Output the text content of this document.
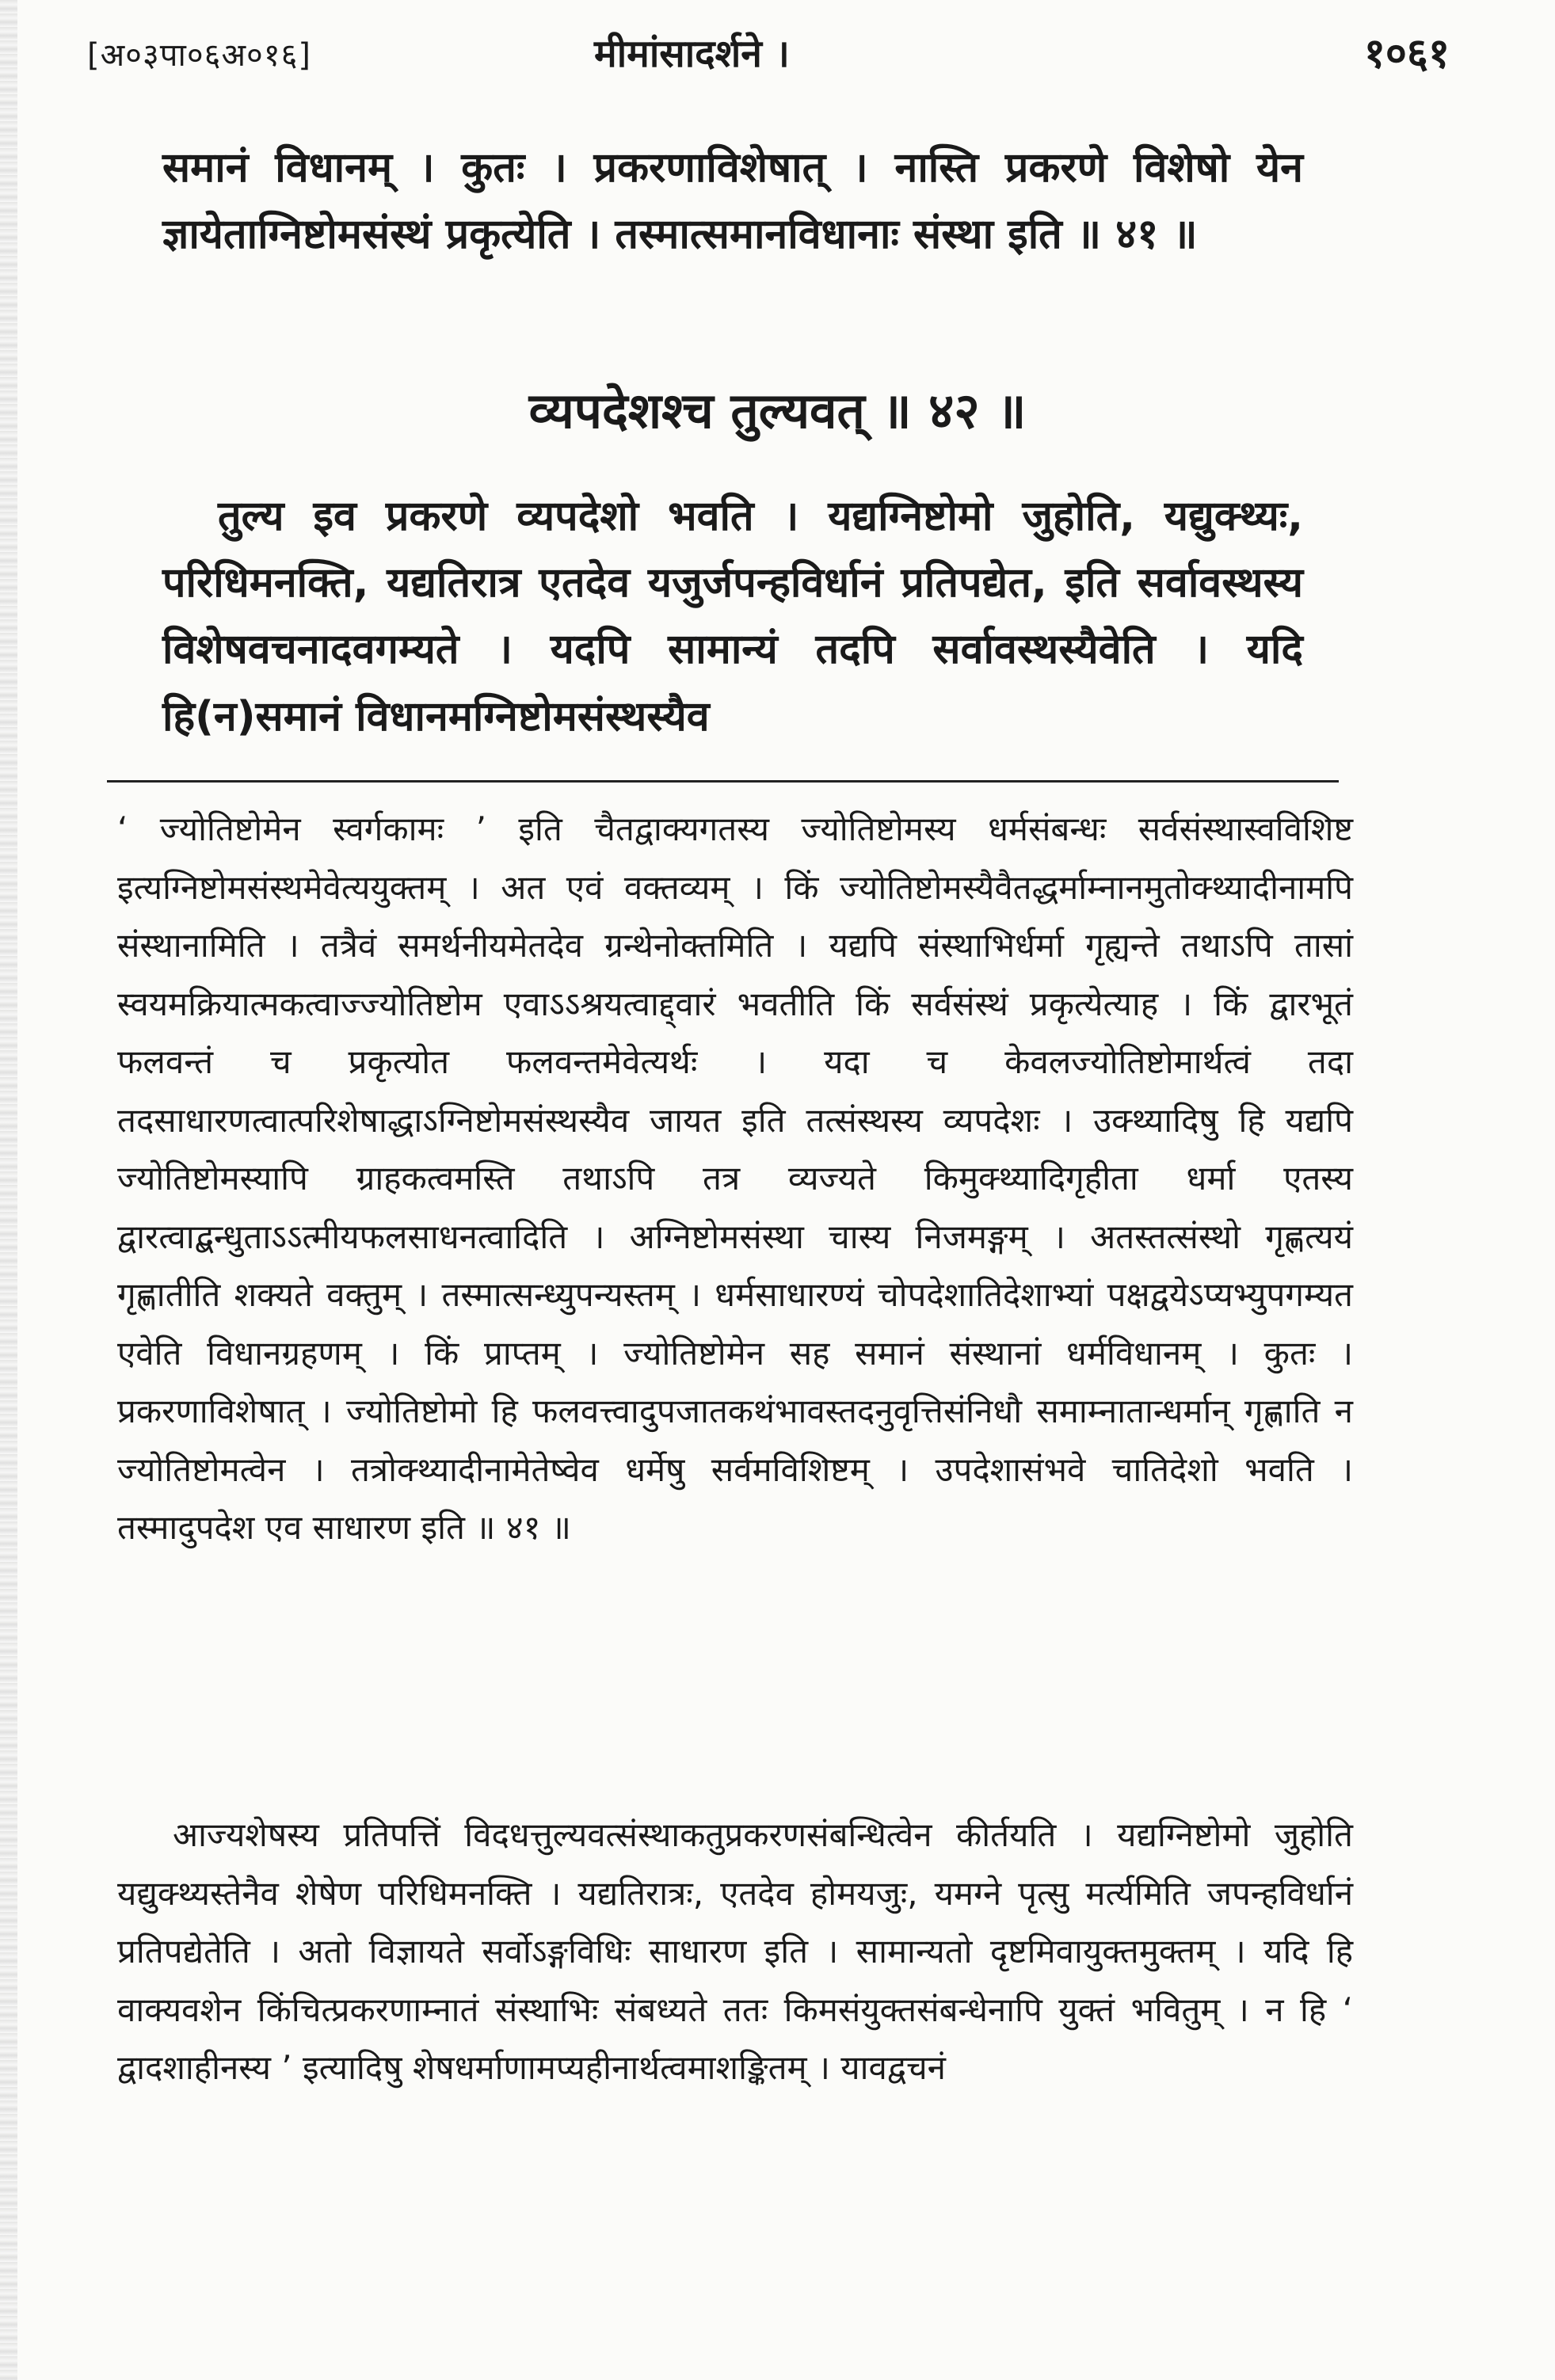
[अ०३पा०६अ०१६]	मीमांसादर्शने ।	१०६१

समानं विधानम् । कुतः । प्रकरणाविशेषात् । नास्ति प्रकरणे विशेषो येन ज्ञायेताग्निष्टोमसंस्थं प्रकृत्येति । तस्मात्समानविधानाः संस्था इति ॥ ४१ ॥

व्यपदेशश्च तुल्यवत् ॥ ४२ ॥

तुल्य इव प्रकरणे व्यपदेशो भवति । यद्यग्निष्टोमो जुहोति, यद्युक्थ्यः, परिधिमनक्ति, यद्यतिरात्र एतदेव यजुर्जपन्हविर्धानं प्रतिपद्येत, इति सर्वावस्थस्य विशेषवचनादवगम्यते । यदपि सामान्यं तदपि सर्वावस्थस्यैवेति । यदि हि(न)समानं विधानमग्निष्टोमसंस्थस्यैव

‘ ज्योतिष्टोमेन स्वर्गकामः ’ इति चैतद्वाक्यगतस्य ज्योतिष्टोमस्य धर्मसंबन्धः सर्वसंस्थास्वविशिष्ट इत्यग्निष्टोमसंस्थमेवेत्ययुक्तम् । अत एवं वक्तव्यम् । किं ज्योतिष्टोमस्यैवैतद्धर्माम्नानमुतोक्थ्यादीनामपि संस्थानामिति । तत्रैवं समर्थनीयमेतदेव ग्रन्थेनोक्तमिति । यद्यपि संस्थाभिर्धर्मा गृह्यन्ते तथाऽपि तासां स्वयमक्रियात्मकत्वाज्ज्योतिष्टोम एवाऽऽश्रयत्वाद्द्वारं भवतीति किं सर्वसंस्थं प्रकृत्येत्याह । किं द्वारभूतं फलवन्तं च प्रकृत्योत फलवन्तमेवेत्यर्थः । यदा च केवलज्योतिष्टोमार्थत्वं तदा तदसाधारणत्वात्परिशेषाद्धाऽग्निष्टोमसंस्थस्यैव जायत इति तत्संस्थस्य व्यपदेशः । उक्थ्यादिषु हि यद्यपि ज्योतिष्टोमस्यापि ग्राहकत्वमस्ति तथाऽपि तत्र व्यज्यते किमुक्थ्यादिगृहीता धर्मा एतस्य द्वारत्वाद्बन्धुताऽऽत्मीयफलसाधनत्वादिति । अग्निष्टोमसंस्था चास्य निजमङ्गम् । अतस्तत्संस्थो गृह्णत्ययं गृह्णातीति शक्यते वक्तुम् । तस्मात्सन्ध्युपन्यस्तम् । धर्मसाधारण्यं चोपदेशातिदेशाभ्यां पक्षद्वयेऽप्यभ्युपगम्यत एवेति विधानग्रहणम् । किं प्राप्तम् । ज्योतिष्टोमेन सह समानं संस्थानां धर्मविधानम् । कुतः । प्रकरणाविशेषात् । ज्योतिष्टोमो हि फलवत्त्वादुपजातकथंभावस्तदनुवृत्तिसंनिधौ समाम्नातान्धर्मान् गृह्णाति न ज्योतिष्टोमत्वेन । तत्रोक्थ्यादीनामेतेष्वेव धर्मेषु सर्वमविशिष्टम् । उपदेशासंभवे चातिदेशो भवति । तस्मादुपदेश एव साधारण इति ॥ ४१ ॥

आज्यशेषस्य प्रतिपत्तिं विदधत्तुल्यवत्संस्थाकतुप्रकरणसंबन्धित्वेन कीर्तयति । यद्यग्निष्टोमो जुहोति यद्युक्थ्यस्तेनैव शेषेण परिधिमनक्ति । यद्यतिरात्रः, एतदेव होमयजुः, यमग्ने पृत्सु मर्त्यमिति जपन्हविर्धानं प्रतिपद्येतेति । अतो विज्ञायते सर्वोऽङ्गविधिः साधारण इति । सामान्यतो दृष्टमिवायुक्तमुक्तम् । यदि हि वाक्यवशेन किंचित्प्रकरणाम्नातं संस्थाभिः संबध्यते ततः किमसंयुक्तसंबन्धेनापि युक्तं भवितुम् । न हि ‘ द्वादशाहीनस्य ’ इत्यादिषु शेषधर्माणामप्यहीनार्थत्वमाशङ्कितम् । यावद्वचनं
